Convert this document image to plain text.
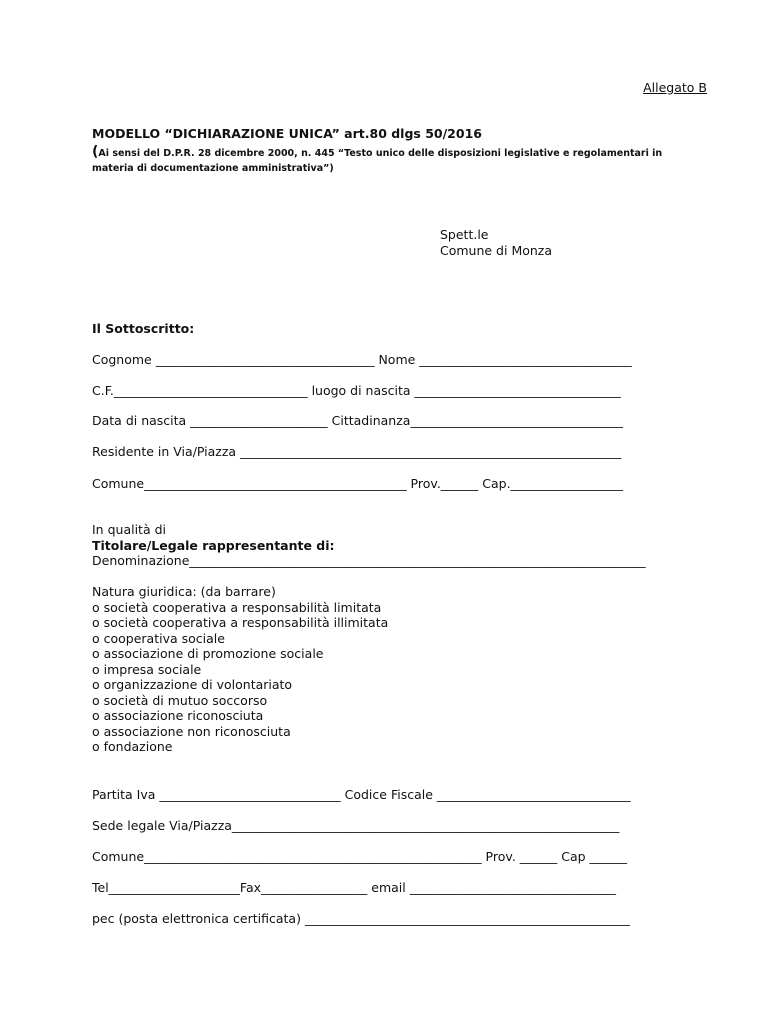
Allegato B
MODELLO “DICHIARAZIONE UNICA” art.80 dlgs 50/2016
(Ai sensi del D.P.R. 28 dicembre 2000, n. 445 “Testo unico delle disposizioni legislative e regolamentari in materia di documentazione amministrativa”)
Spett.le
Comune di Monza
Il Sottoscritto:
Cognome ___________________________________ Nome __________________________________
C.F._______________________________ luogo di nascita _________________________________
Data di nascita ______________________ Cittadinanza__________________________________
Residente in Via/Piazza _____________________________________________________________
Comune__________________________________________ Prov.______ Cap.__________________
In qualità di
Titolare/Legale rappresentante di:
Denominazione_________________________________________________________________________
Natura giuridica: (da barrare)
o società cooperativa a responsabilità limitata
o società cooperativa a responsabilità illimitata
o cooperativa sociale
o associazione di promozione sociale
o impresa sociale
o organizzazione di volontariato
o società di mutuo soccorso
o associazione riconosciuta
o associazione non riconosciuta
o fondazione
Partita Iva _____________________________ Codice Fiscale _______________________________
Sede legale Via/Piazza______________________________________________________________
Comune______________________________________________________ Prov. ______ Cap ______
Tel_____________________Fax_________________ email _________________________________
pec (posta elettronica certificata) ____________________________________________________
